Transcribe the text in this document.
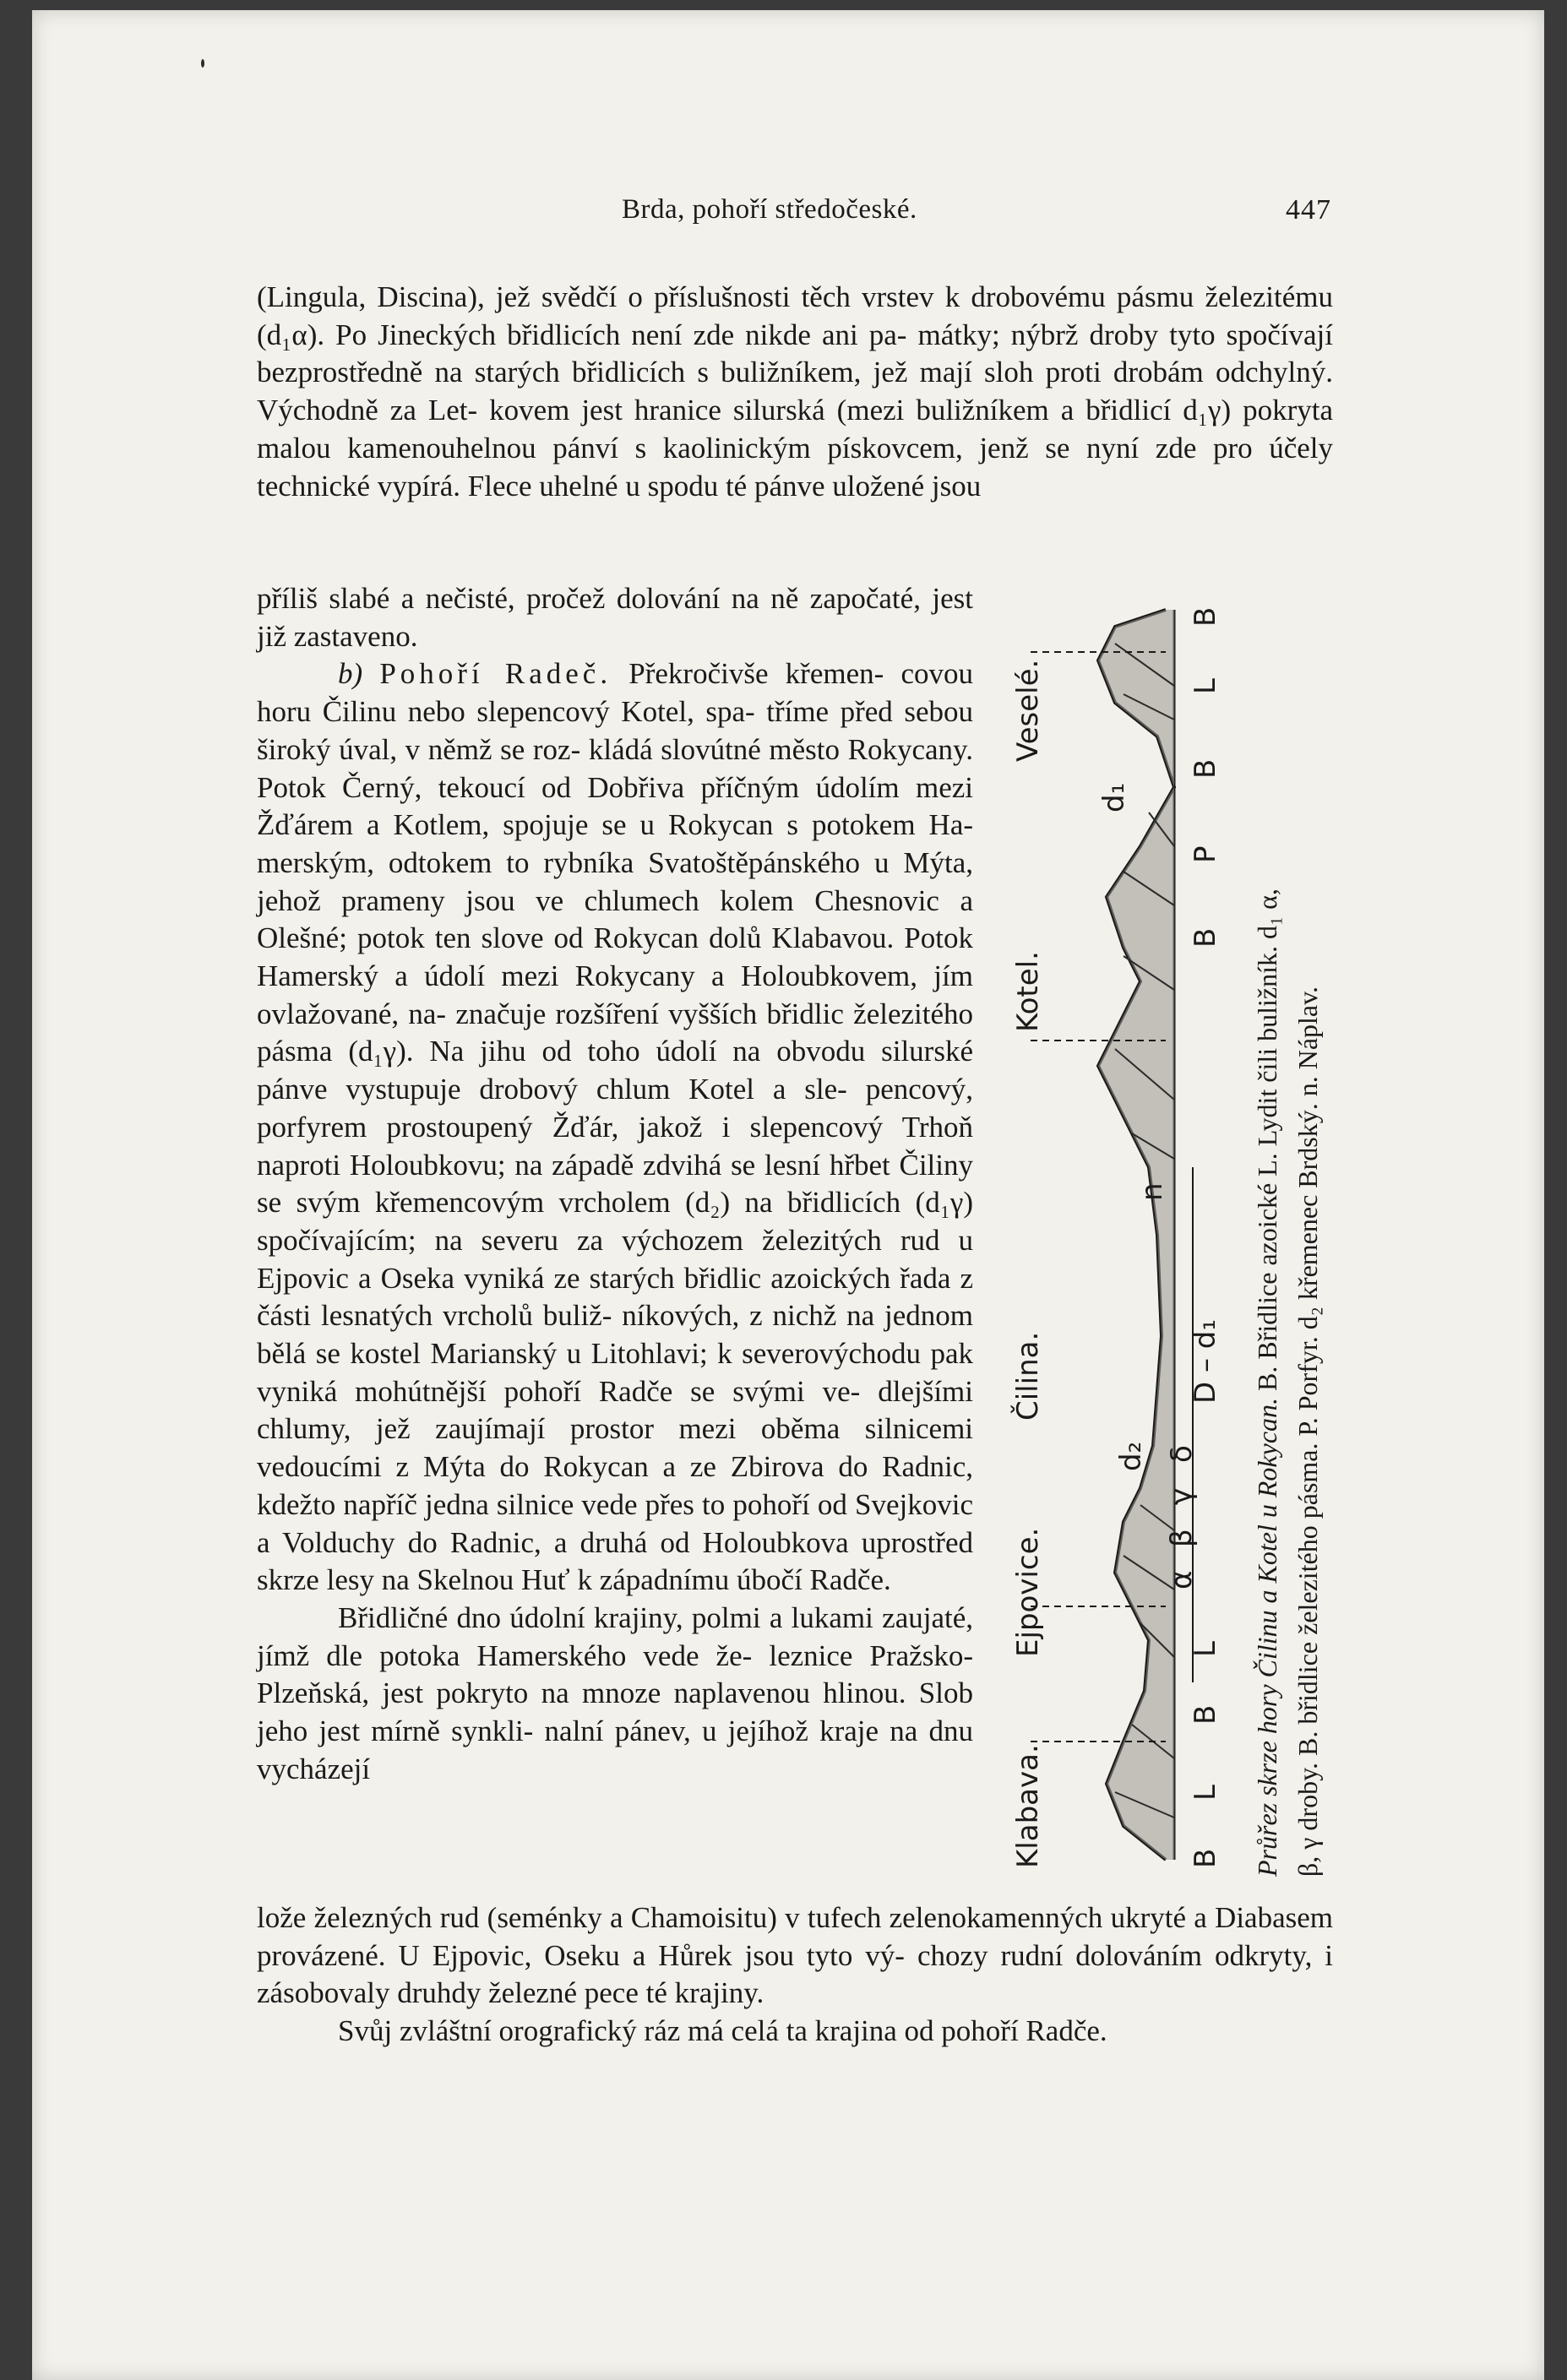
Brda, pohoří středočeské.	447

(Lingula, Discina), jež svědčí o příslušnosti těch vrstev k drobovému pásmu železitému (d₁α). Po Jineckých břidlicích není zde nikde ani pa- mátky; nýbrž droby tyto spočívají bezprostředně na starých břidlicích s buližníkem, jež mají sloh proti drobám odchylný. Východně za Let- kovem jest hranice silurská (mezi buližníkem a břidlicí d₁γ) pokryta malou kamenouhelnou pánví s kaolinickým pískovcem, jenž se nyní zde pro účely technické vypírá. Flece uhelné u spodu té pánve uložené jsou

příliš slabé a nečisté, pročež dolování na ně započaté, jest již zastaveno.

b) Pohoří Radeč. Překročivše křemen- covou horu Čilinu nebo slepencový Kotel, spa- tříme před sebou široký úval, v němž se roz- kládá slovútné město Rokycany. Potok Černý, tekoucí od Dobřiva příčným údolím mezi Žďárem a Kotlem, spojuje se u Rokycan s potokem Ha- merským, odtokem to rybníka Svatoštěpánského u Mýta, jehož prameny jsou ve chlumech kolem Chesnovic a Olešné; potok ten slove od Rokycan dolů Klabavou. Potok Hamerský a údolí mezi Rokycany a Holoubkovem, jím ovlažované, na- značuje rozšíření vyšších břidlic železitého pásma (d₁γ). Na jihu od toho údolí na obvodu silurské pánve vystupuje drobový chlum Kotel a sle- pencový, porfyrem prostoupený Žďár, jakož i slepencový Trhoň naproti Holoubkovu; na západě zdvihá se lesní hřbet Čiliny se svým křemencovým vrcholem (d₂) na břidlicích (d₁γ) spočívajícím; na severu za výchozem železitých rud u Ejpovic a Oseka vyniká ze starých břidlic azoických řada z části lesnatých vrcholů buliž- níkových, z nichž na jednom bělá se kostel Marianský u Litohlavi; k severovýchodu pak vyniká mohútnější pohoří Radče se svými ve- dlejšími chlumy, jež zaujímají prostor mezi oběma silnicemi vedoucími z Mýta do Rokycan a ze Zbirova do Radnic, kdežto napříč jedna silnice vede přes to pohoří od Svejkovic a Volduchy do Radnic, a druhá od Holoubkova uprostřed skrze lesy na Skelnou Huť k západnímu úbočí Radče.

Břidličné dno údolní krajiny, polmi a lukami zaujaté, jímž dle potoka Hamerského vede že- leznice Pražsko-Plzeňská, jest pokryto na mnoze naplavenou hlinou. Slob jeho jest mírně synkli- nalní pánev, u jejíhož kraje na dnu vycházejí

lože železných rud (seménky a Chamoisitu) v tufech zelenokamenných ukryté a Diabasem provázené. U Ejpovic, Oseku a Hůrek jsou tyto vý- chozy rudní dolováním odkryty, i zásobovaly druhdy železné pece té krajiny.

Svůj zvláštní orografický ráz má celá ta krajina od pohoří Radče.

Klabava.
Ejpovice.
Čilina.
Kotel.
Veselé.
B
L
B
L
B
P
B
L
B
α
β
γ
δ
d₂
d₁
D – d₁
n
Průřez skrze hory Čilinu a Kotel u Rokycan. B. Břidlice azoické L. Lydit čili buližník. d₁ α, β, γ droby. B. břidlice železitého pásma. P. Porfyr. d₂ křemenec Brdský. n. Náplav.
